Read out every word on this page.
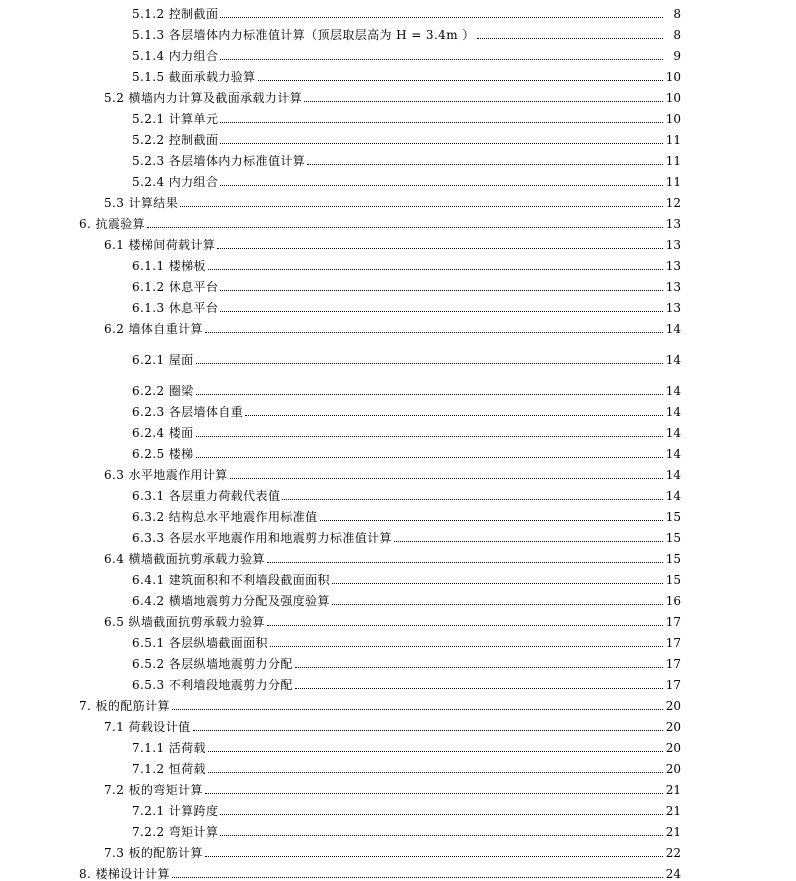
5.1.2 控制截面	8
5.1.3 各层墙体内力标准值计算（顶层取层高为 H = 3.4m ）	8
5.1.4 内力组合	9
5.1.5 截面承载力验算	10
5.2 横墙内力计算及截面承载力计算	10
5.2.1 计算单元	10
5.2.2 控制截面	11
5.2.3 各层墙体内力标准值计算	11
5.2.4 内力组合	11
5.3 计算结果	12
6. 抗震验算	13
6.1 楼梯间荷载计算	13
6.1.1 楼梯板	13
6.1.2 休息平台	13
6.1.3 休息平台	13
6.2 墙体自重计算	14
6.2.1 屋面	14
6.2.2 圈梁	14
6.2.3 各层墙体自重	14
6.2.4 楼面	14
6.2.5 楼梯	14
6.3 水平地震作用计算	14
6.3.1 各层重力荷载代表值	14
6.3.2 结构总水平地震作用标准值	15
6.3.3 各层水平地震作用和地震剪力标准值计算	15
6.4 横墙截面抗剪承载力验算	15
6.4.1 建筑面积和不利墙段截面面积	15
6.4.2 横墙地震剪力分配及强度验算	16
6.5 纵墙截面抗剪承载力验算	17
6.5.1 各层纵墙截面面积	17
6.5.2 各层纵墙地震剪力分配	17
6.5.3 不利墙段地震剪力分配	17
7. 板的配筋计算	20
7.1 荷载设计值	20
7.1.1 活荷载	20
7.1.2 恒荷载	20
7.2 板的弯矩计算	21
7.2.1 计算跨度	21
7.2.2 弯矩计算	21
7.3 板的配筋计算	22
8. 楼梯设计计算	24
